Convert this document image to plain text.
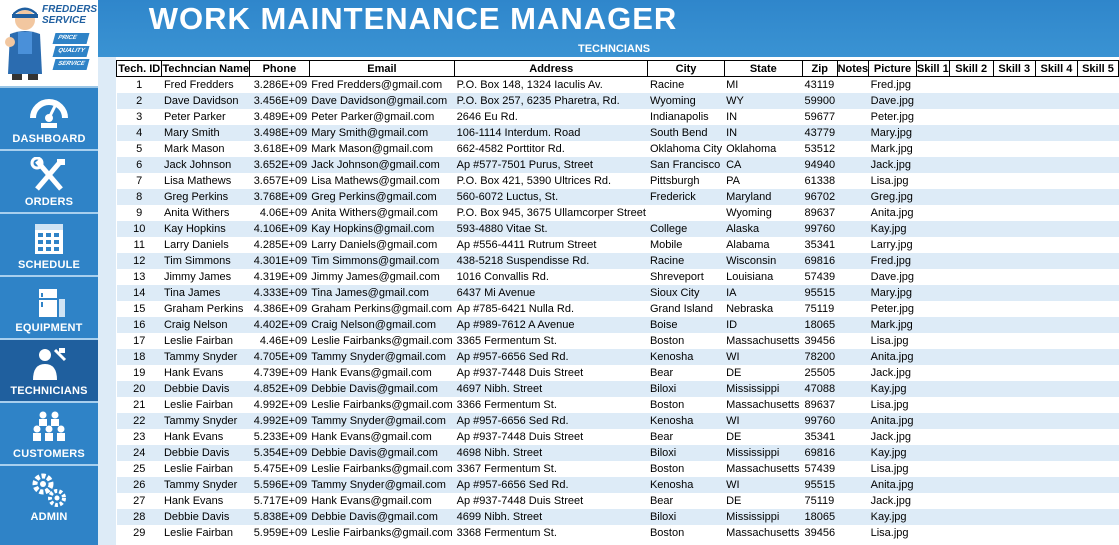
FREDDERS
SERVICE
PRICE
QUALITY
SERVICE
DASHBOARD
ORDERS
SCHEDULE
EQUIPMENT
TECHNICIANS
CUSTOMERS
ADMIN
WORK MAINTENANCE MANAGER
TECHNCIANS
Tech. ID	Techncian Name	Phone	Email	Address	City	State	Zip	Notes	Picture	Skill 1	Skill 2	Skill 3	Skill 4	Skill 5
1	Fred Fredders	3.286E+09	Fred Fredders@gmail.com	P.O. Box 148, 1324 Iaculis Av.	Racine	MI	43119		Fred.jpg					
2	Dave Davidson	3.456E+09	Dave Davidson@gmail.com	P.O. Box 257, 6235 Pharetra, Rd.	Wyoming	WY	59900		Dave.jpg					
3	Peter Parker	3.489E+09	Peter Parker@gmail.com	2646 Eu Rd.	Indianapolis	IN	59677		Peter.jpg					
4	Mary Smith	3.498E+09	Mary Smith@gmail.com	106-1114 Interdum. Road	South Bend	IN	43779		Mary.jpg					
5	Mark Mason	3.618E+09	Mark Mason@gmail.com	662-4582 Porttitor Rd.	Oklahoma City	Oklahoma	53512		Mark.jpg					
6	Jack Johnson	3.652E+09	Jack Johnson@gmail.com	Ap #577-7501 Purus, Street	San Francisco	CA	94940		Jack.jpg					
7	Lisa Mathews	3.657E+09	Lisa Mathews@gmail.com	P.O. Box 421, 5390 Ultrices Rd.	Pittsburgh	PA	61338		Lisa.jpg					
8	Greg Perkins	3.768E+09	Greg Perkins@gmail.com	560-6072 Luctus, St.	Frederick	Maryland	96702		Greg.jpg					
9	Anita Withers	4.06E+09	Anita Withers@gmail.com	P.O. Box 945, 3675 Ullamcorper Street		Wyoming	89637		Anita.jpg					
10	Kay Hopkins	4.106E+09	Kay Hopkins@gmail.com	593-4880 Vitae St.	College	Alaska	99760		Kay.jpg					
11	Larry Daniels	4.285E+09	Larry Daniels@gmail.com	Ap #556-4411 Rutrum Street	Mobile	Alabama	35341		Larry.jpg					
12	Tim Simmons	4.301E+09	Tim Simmons@gmail.com	438-5218 Suspendisse Rd.	Racine	Wisconsin	69816		Fred.jpg					
13	Jimmy James	4.319E+09	Jimmy James@gmail.com	1016 Convallis Rd.	Shreveport	Louisiana	57439		Dave.jpg					
14	Tina James	4.333E+09	Tina James@gmail.com	6437 Mi Avenue	Sioux City	IA	95515		Mary.jpg					
15	Graham Perkins	4.386E+09	Graham Perkins@gmail.com	Ap #785-6421 Nulla Rd.	Grand Island	Nebraska	75119		Peter.jpg					
16	Craig Nelson	4.402E+09	Craig Nelson@gmail.com	Ap #989-7612 A Avenue	Boise	ID	18065		Mark.jpg					
17	Leslie Fairban	4.46E+09	Leslie Fairbanks@gmail.com	3365 Fermentum St.	Boston	Massachusetts	39456		Lisa.jpg					
18	Tammy Snyder	4.705E+09	Tammy Snyder@gmail.com	Ap #957-6656 Sed Rd.	Kenosha	WI	78200		Anita.jpg					
19	Hank Evans	4.739E+09	Hank Evans@gmail.com	Ap #937-7448 Duis Street	Bear	DE	25505		Jack.jpg					
20	Debbie Davis	4.852E+09	Debbie Davis@gmail.com	4697 Nibh. Street	Biloxi	Mississippi	47088		Kay.jpg					
21	Leslie Fairban	4.992E+09	Leslie Fairbanks@gmail.com	3366 Fermentum St.	Boston	Massachusetts	89637		Lisa.jpg					
22	Tammy Snyder	4.992E+09	Tammy Snyder@gmail.com	Ap #957-6656 Sed Rd.	Kenosha	WI	99760		Anita.jpg					
23	Hank Evans	5.233E+09	Hank Evans@gmail.com	Ap #937-7448 Duis Street	Bear	DE	35341		Jack.jpg					
24	Debbie Davis	5.354E+09	Debbie Davis@gmail.com	4698 Nibh. Street	Biloxi	Mississippi	69816		Kay.jpg					
25	Leslie Fairban	5.475E+09	Leslie Fairbanks@gmail.com	3367 Fermentum St.	Boston	Massachusetts	57439		Lisa.jpg					
26	Tammy Snyder	5.596E+09	Tammy Snyder@gmail.com	Ap #957-6656 Sed Rd.	Kenosha	WI	95515		Anita.jpg					
27	Hank Evans	5.717E+09	Hank Evans@gmail.com	Ap #937-7448 Duis Street	Bear	DE	75119		Jack.jpg					
28	Debbie Davis	5.838E+09	Debbie Davis@gmail.com	4699 Nibh. Street	Biloxi	Mississippi	18065		Kay.jpg					
29	Leslie Fairban	5.959E+09	Leslie Fairbanks@gmail.com	3368 Fermentum St.	Boston	Massachusetts	39456		Lisa.jpg					
